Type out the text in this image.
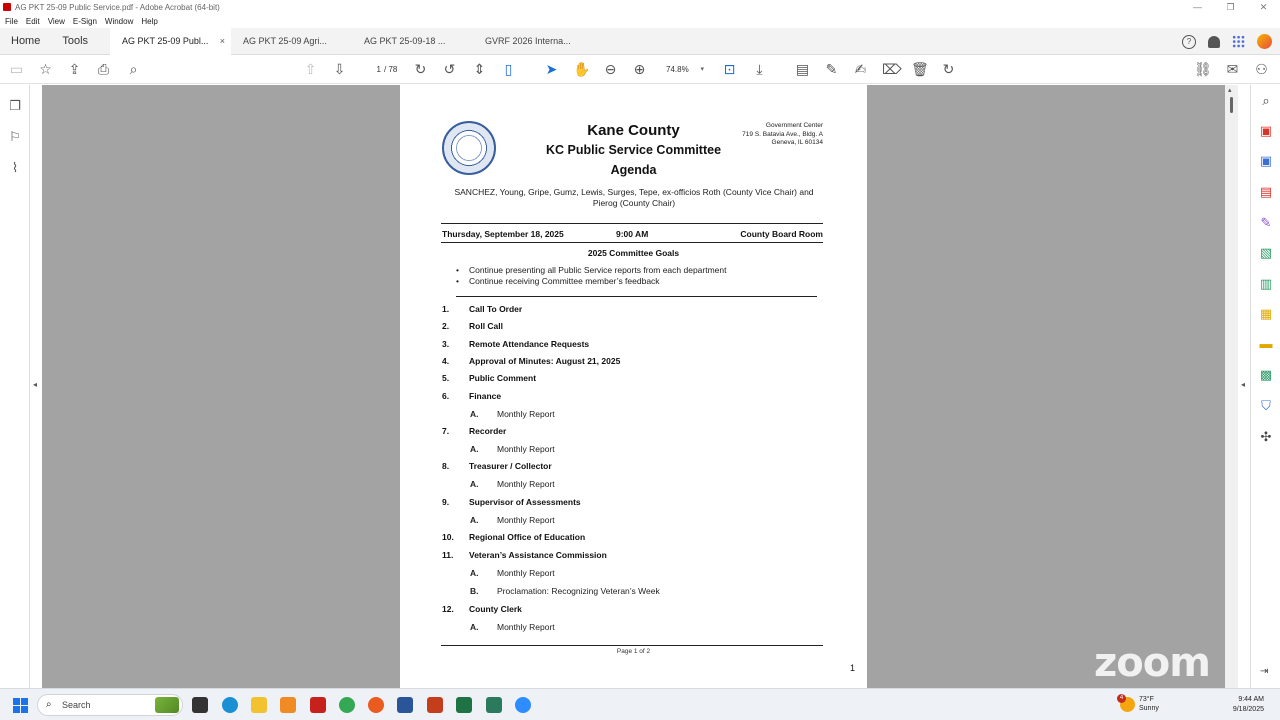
AG PKT 25-09 Public Service.pdf - Adobe Acrobat (64-bit)	—	❐	✕
File Edit View E-Sign Window Help
Home	Tools	AG PKT 25-09 Publ... × AG PKT 25-09 Agri...	AG PKT 25-09-18 ...	GVRF 2026 Interna...	?
▭ ☆ ⇪ ⎙	⌕	⇧ ⇩	1 / 78 ↻ ↺ ⇕	▯	➤ ✋ ⊖ ⊕	74.8% ▾ ⊡	⤓	▤ ✎ ✍ ⌦ 🗑 ↻	⛓ ✉ ⚇
❐
⚐
⌇
◂
Kane County
KC Public Service Committee
Agenda
Government Center
719 S. Batavia Ave., Bldg. A
Geneva, IL 60134
SANCHEZ, Young, Gripe, Gumz, Lewis, Surges, Tepe, ex-officios Roth (County Vice Chair) and Pierog (County Chair)
Thursday, September 18, 2025	9:00 AM	County Board Room
2025 Committee Goals
• Continue presenting all Public Service reports from each department
• Continue receiving Committee member’s feedback
1. Call To Order
2. Roll Call
3. Remote Attendance Requests
4. Approval of Minutes: August 21, 2025
5. Public Comment
6. Finance
A. Monthly Report
7. Recorder
A. Monthly Report
8. Treasurer / Collector
A. Monthly Report
9. Supervisor of Assessments
A. Monthly Report
10. Regional Office of Education
11. Veteran’s Assistance Commission
A. Monthly Report
B. Proclamation: Recognizing Veteran’s Week
12. County Clerk
A. Monthly Report
Page 1 of 2
1
▴
◂
⌕
▣
▣
▤
✎
▧
▥
▦
▬
▩
⛉
✣
zoom	⇥
⌕ Search
4	73°F
Sunny
9:44 AM
9/18/2025
